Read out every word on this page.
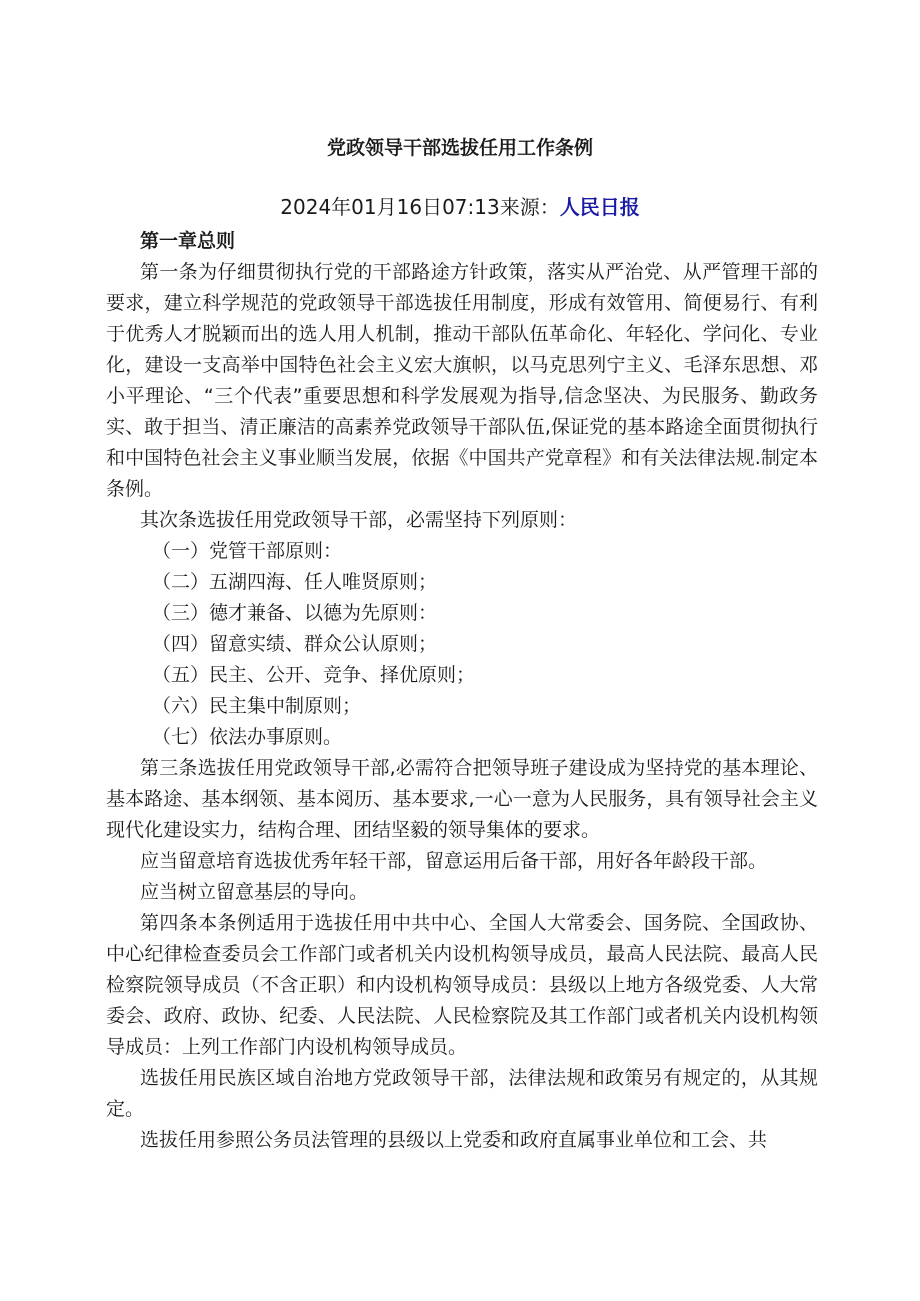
党政领导干部选拔任用工作条例
2024年01月16日07:13来源：人民日报

第一章总则

第一条为仔细贯彻执行党的干部路途方针政策，落实从严治党、从严管理干部的要求，建立科学规范的党政领导干部选拔任用制度，形成有效管用、简便易行、有利于优秀人才脱颖而出的选人用人机制，推动干部队伍革命化、年轻化、学问化、专业化，建设一支高举中国特色社会主义宏大旗帜，以马克思列宁主义、毛泽东思想、邓小平理论、“三个代表”重要思想和科学发展观为指导,信念坚决、为民服务、勤政务实、敢于担当、清正廉洁的高素养党政领导干部队伍,保证党的基本路途全面贯彻执行和中国特色社会主义事业顺当发展，依据《中国共产党章程》和有关法律法规.制定本条例。

其次条选拔任用党政领导干部，必需坚持下列原则：

（一）党管干部原则：

（二）五湖四海、任人唯贤原则；

（三）德才兼备、以德为先原则：

（四）留意实绩、群众公认原则；

（五）民主、公开、竞争、择优原则；

（六）民主集中制原则；

（七）依法办事原则。

第三条选拔任用党政领导干部,必需符合把领导班子建设成为坚持党的基本理论、基本路途、基本纲领、基本阅历、基本要求,一心一意为人民服务，具有领导社会主义现代化建设实力，结构合理、团结坚毅的领导集体的要求。

应当留意培育选拔优秀年轻干部，留意运用后备干部，用好各年龄段干部。

应当树立留意基层的导向。

第四条本条例适用于选拔任用中共中心、全国人大常委会、国务院、全国政协、中心纪律检查委员会工作部门或者机关内设机构领导成员，最高人民法院、最高人民检察院领导成员（不含正职）和内设机构领导成员：县级以上地方各级党委、人大常委会、政府、政协、纪委、人民法院、人民检察院及其工作部门或者机关内设机构领导成员：上列工作部门内设机构领导成员。

选拔任用民族区域自治地方党政领导干部，法律法规和政策另有规定的，从其规定。

选拔任用参照公务员法管理的县级以上党委和政府直属事业单位和工会、共
